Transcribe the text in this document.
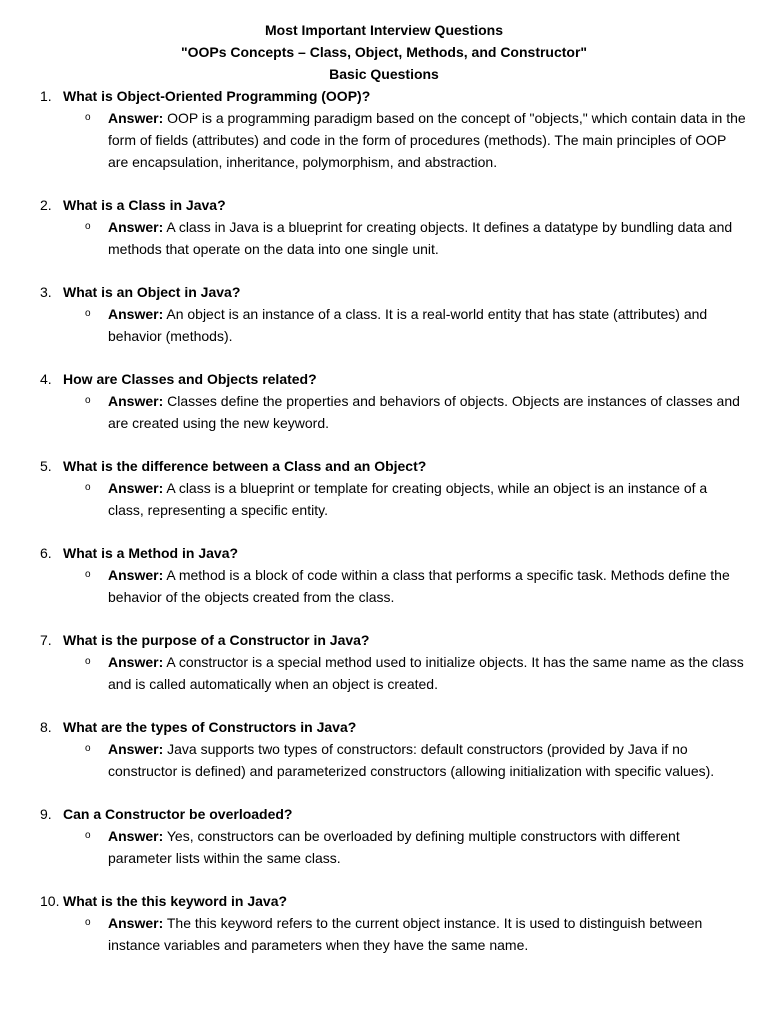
Most Important Interview Questions
"OOPs Concepts – Class, Object, Methods, and Constructor"
Basic Questions
1. What is Object-Oriented Programming (OOP)?
o	Answer: OOP is a programming paradigm based on the concept of "objects," which contain data in the form of fields (attributes) and code in the form of procedures (methods). The main principles of OOP are encapsulation, inheritance, polymorphism, and abstraction.
2. What is a Class in Java?
o	Answer: A class in Java is a blueprint for creating objects. It defines a datatype by bundling data and methods that operate on the data into one single unit.
3. What is an Object in Java?
o	Answer: An object is an instance of a class. It is a real-world entity that has state (attributes) and behavior (methods).
4. How are Classes and Objects related?
o	Answer: Classes define the properties and behaviors of objects. Objects are instances of classes and are created using the new keyword.
5. What is the difference between a Class and an Object?
o	Answer: A class is a blueprint or template for creating objects, while an object is an instance of a class, representing a specific entity.
6. What is a Method in Java?
o	Answer: A method is a block of code within a class that performs a specific task. Methods define the behavior of the objects created from the class.
7. What is the purpose of a Constructor in Java?
o	Answer: A constructor is a special method used to initialize objects. It has the same name as the class and is called automatically when an object is created.
8. What are the types of Constructors in Java?
o	Answer: Java supports two types of constructors: default constructors (provided by Java if no constructor is defined) and parameterized constructors (allowing initialization with specific values).
9. Can a Constructor be overloaded?
o	Answer: Yes, constructors can be overloaded by defining multiple constructors with different parameter lists within the same class.
10. What is the this keyword in Java?
o	Answer: The this keyword refers to the current object instance. It is used to distinguish between instance variables and parameters when they have the same name.
